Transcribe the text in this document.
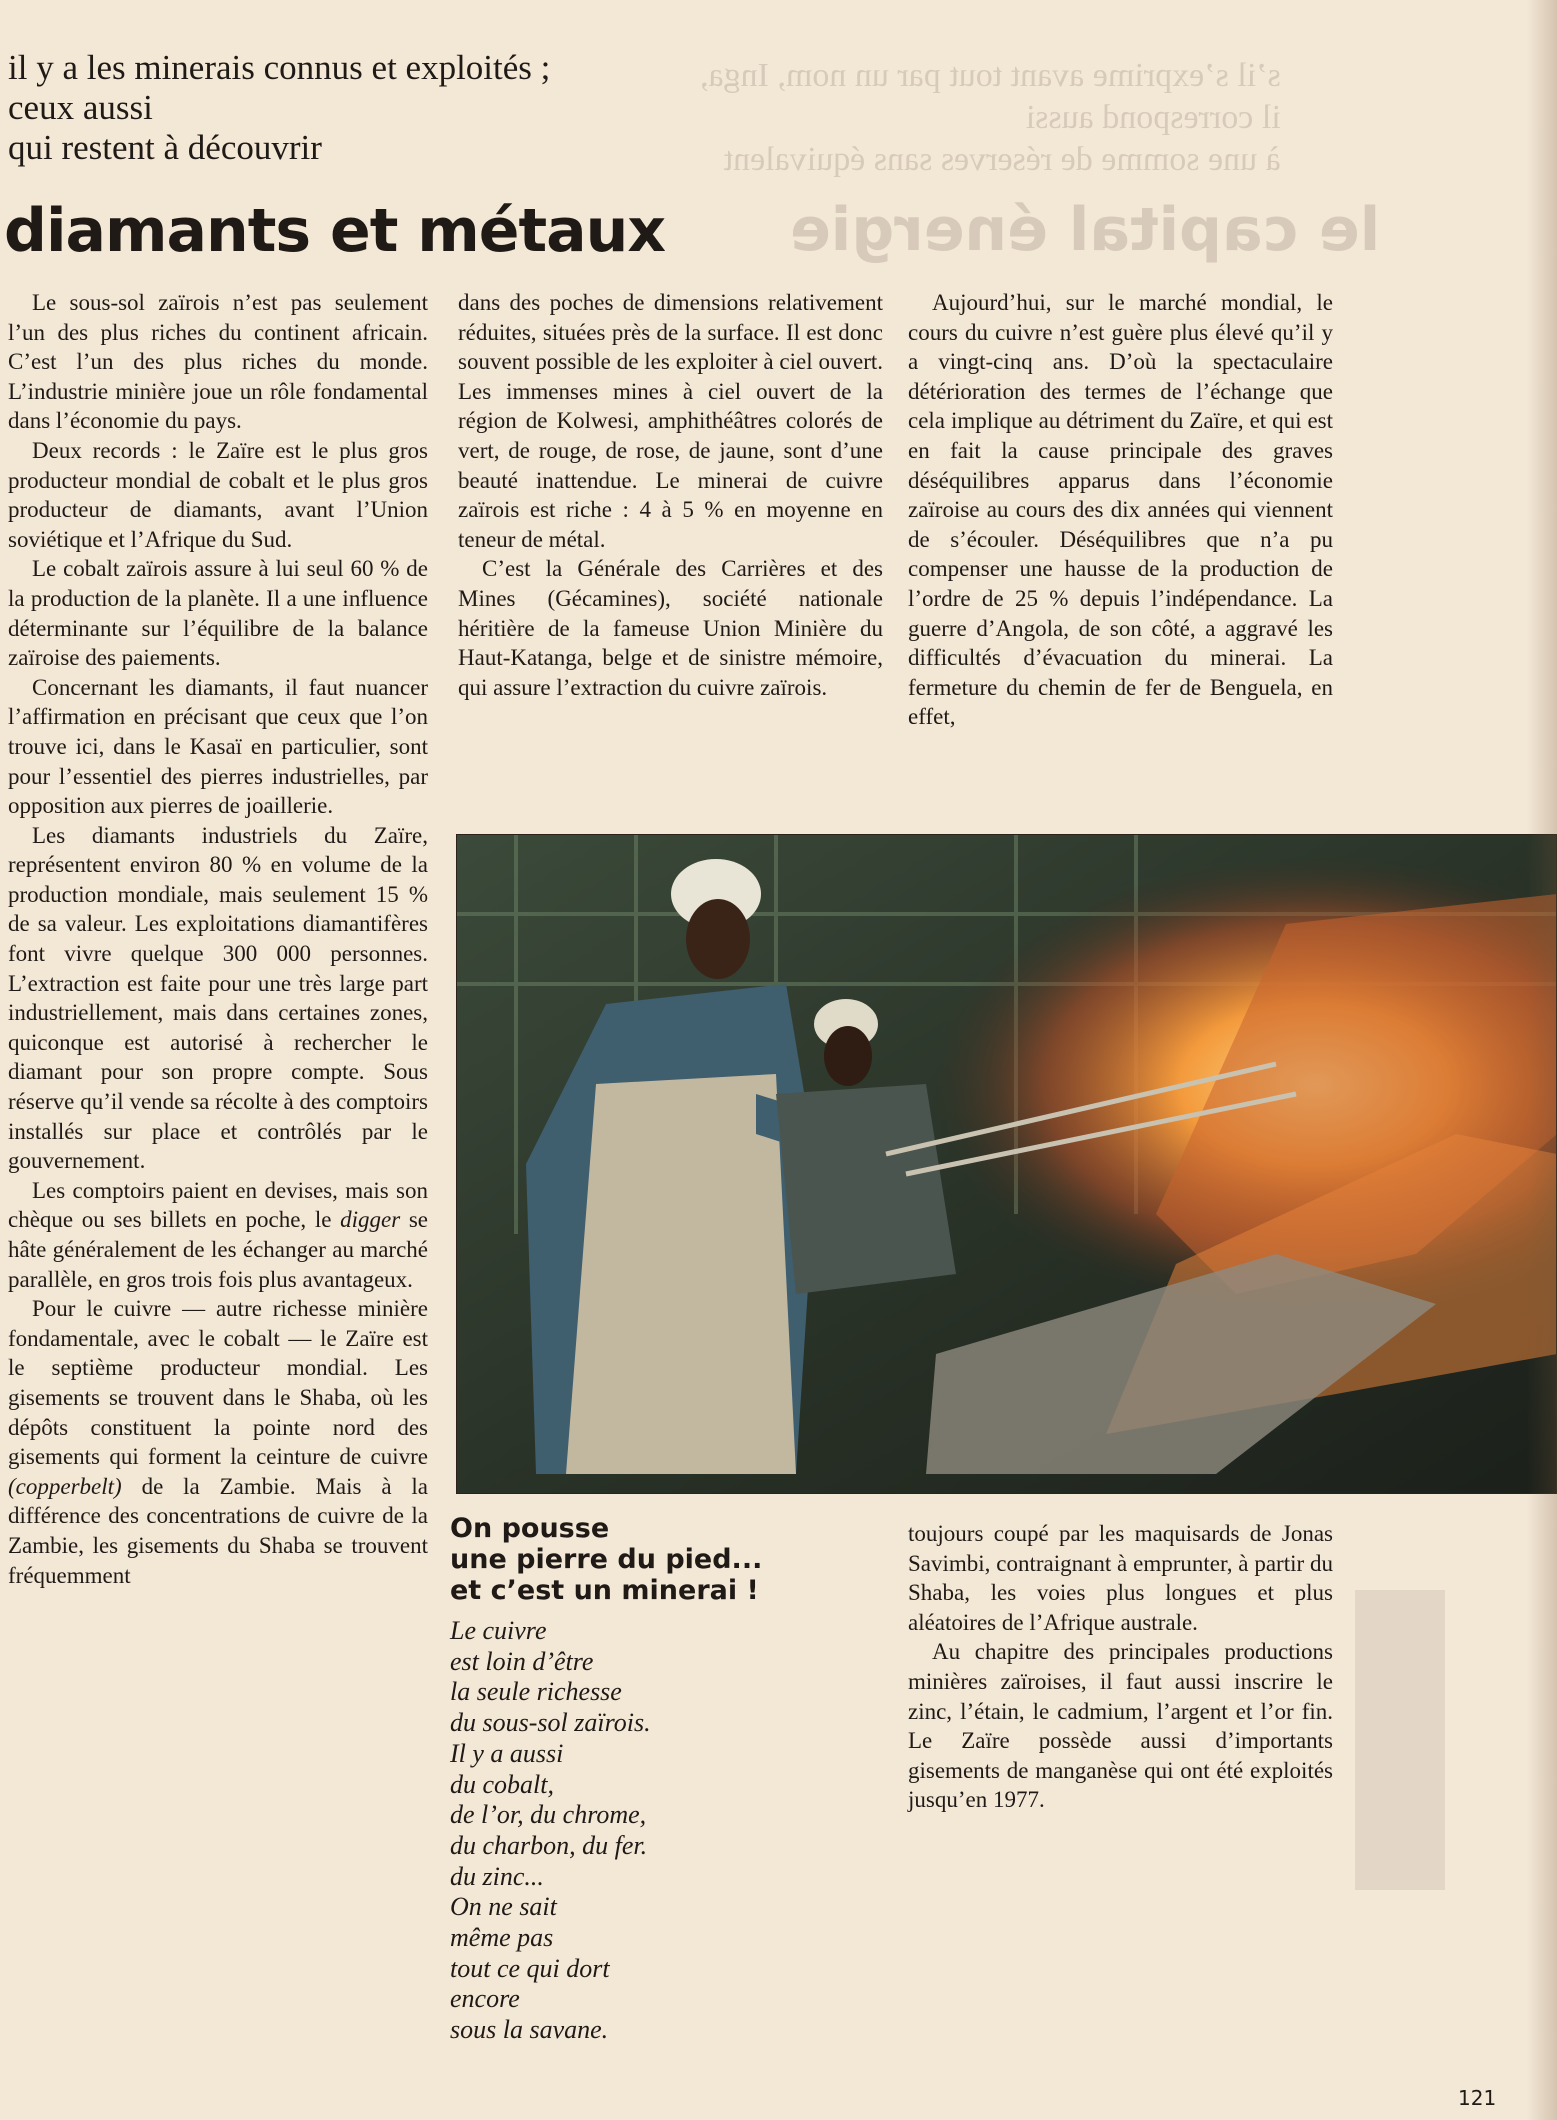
s’il s’exprime avant tout par un nom, Inga,
il correspond aussi
à une somme de réserves sans équivalent
le capital énergie
il y a les minerais connus et exploités ;
ceux aussi
qui restent à découvrir
diamants et métaux

Le sous-sol zaïrois n’est pas seulement l’un des plus riches du continent africain. C’est l’un des plus riches du monde. L’industrie minière joue un rôle fondamental dans l’économie du pays.

Deux records : le Zaïre est le plus gros producteur mondial de cobalt et le plus gros producteur de diamants, avant l’Union soviétique et l’Afrique du Sud.

Le cobalt zaïrois assure à lui seul 60 % de la production de la planète. Il a une influence déterminante sur l’équilibre de la balance zaïroise des paiements.

Concernant les diamants, il faut nuancer l’affirmation en précisant que ceux que l’on trouve ici, dans le Kasaï en particulier, sont pour l’essentiel des pierres industrielles, par opposition aux pierres de joaillerie.

Les diamants industriels du Zaïre, représentent environ 80 % en volume de la production mondiale, mais seulement 15 % de sa valeur. Les exploitations diamantifères font vivre quelque 300 000 personnes. L’extraction est faite pour une très large part industriellement, mais dans certaines zones, quiconque est autorisé à rechercher le diamant pour son propre compte. Sous réserve qu’il vende sa récolte à des comptoirs installés sur place et contrôlés par le gouvernement.

Les comptoirs paient en devises, mais son chèque ou ses billets en poche, le digger se hâte généralement de les échanger au marché parallèle, en gros trois fois plus avantageux.

Pour le cuivre — autre richesse minière fondamentale, avec le cobalt — le Zaïre est le septième producteur mondial. Les gisements se trouvent dans le Shaba, où les dépôts constituent la pointe nord des gisements qui forment la ceinture de cuivre (copperbelt) de la Zambie. Mais à la différence des concentrations de cuivre de la Zambie, les gisements du Shaba se trouvent fréquemment

dans des poches de dimensions relativement réduites, situées près de la surface. Il est donc souvent possible de les exploiter à ciel ouvert. Les immenses mines à ciel ouvert de la région de Kolwesi, amphithéâtres colorés de vert, de rouge, de rose, de jaune, sont d’une beauté inattendue. Le minerai de cuivre zaïrois est riche : 4 à 5 % en moyenne en teneur de métal.

C’est la Générale des Carrières et des Mines (Gécamines), société nationale héritière de la fameuse Union Minière du Haut-Katanga, belge et de sinistre mémoire, qui assure l’extraction du cuivre zaïrois.

Aujourd’hui, sur le marché mondial, le cours du cuivre n’est guère plus élevé qu’il y a vingt-cinq ans. D’où la spectaculaire détérioration des termes de l’échange que cela implique au détriment du Zaïre, et qui est en fait la cause principale des graves déséquilibres apparus dans l’économie zaïroise au cours des dix années qui viennent de s’écouler. Déséquilibres que n’a pu compenser une hausse de la production de l’ordre de 25 % depuis l’indépendance. La guerre d’Angola, de son côté, a aggravé les difficultés d’évacuation du minerai. La fermeture du chemin de fer de Benguela, en effet,

On pousse
une pierre du pied...
et c’est un minerai !
Le cuivre
est loin d’être
la seule richesse
du sous-sol zaïrois.
Il y a aussi
du cobalt,
de l’or, du chrome,
du charbon, du fer.
du zinc...
On ne sait
même pas
tout ce qui dort
encore
sous la savane.

toujours coupé par les maquisards de Jonas Savimbi, contraignant à emprunter, à partir du Shaba, les voies plus longues et plus aléatoires de l’Afrique australe.

Au chapitre des principales productions minières zaïroises, il faut aussi inscrire le zinc, l’étain, le cadmium, l’argent et l’or fin. Le Zaïre possède aussi d’importants gisements de manganèse qui ont été exploités jusqu’en 1977.

121
